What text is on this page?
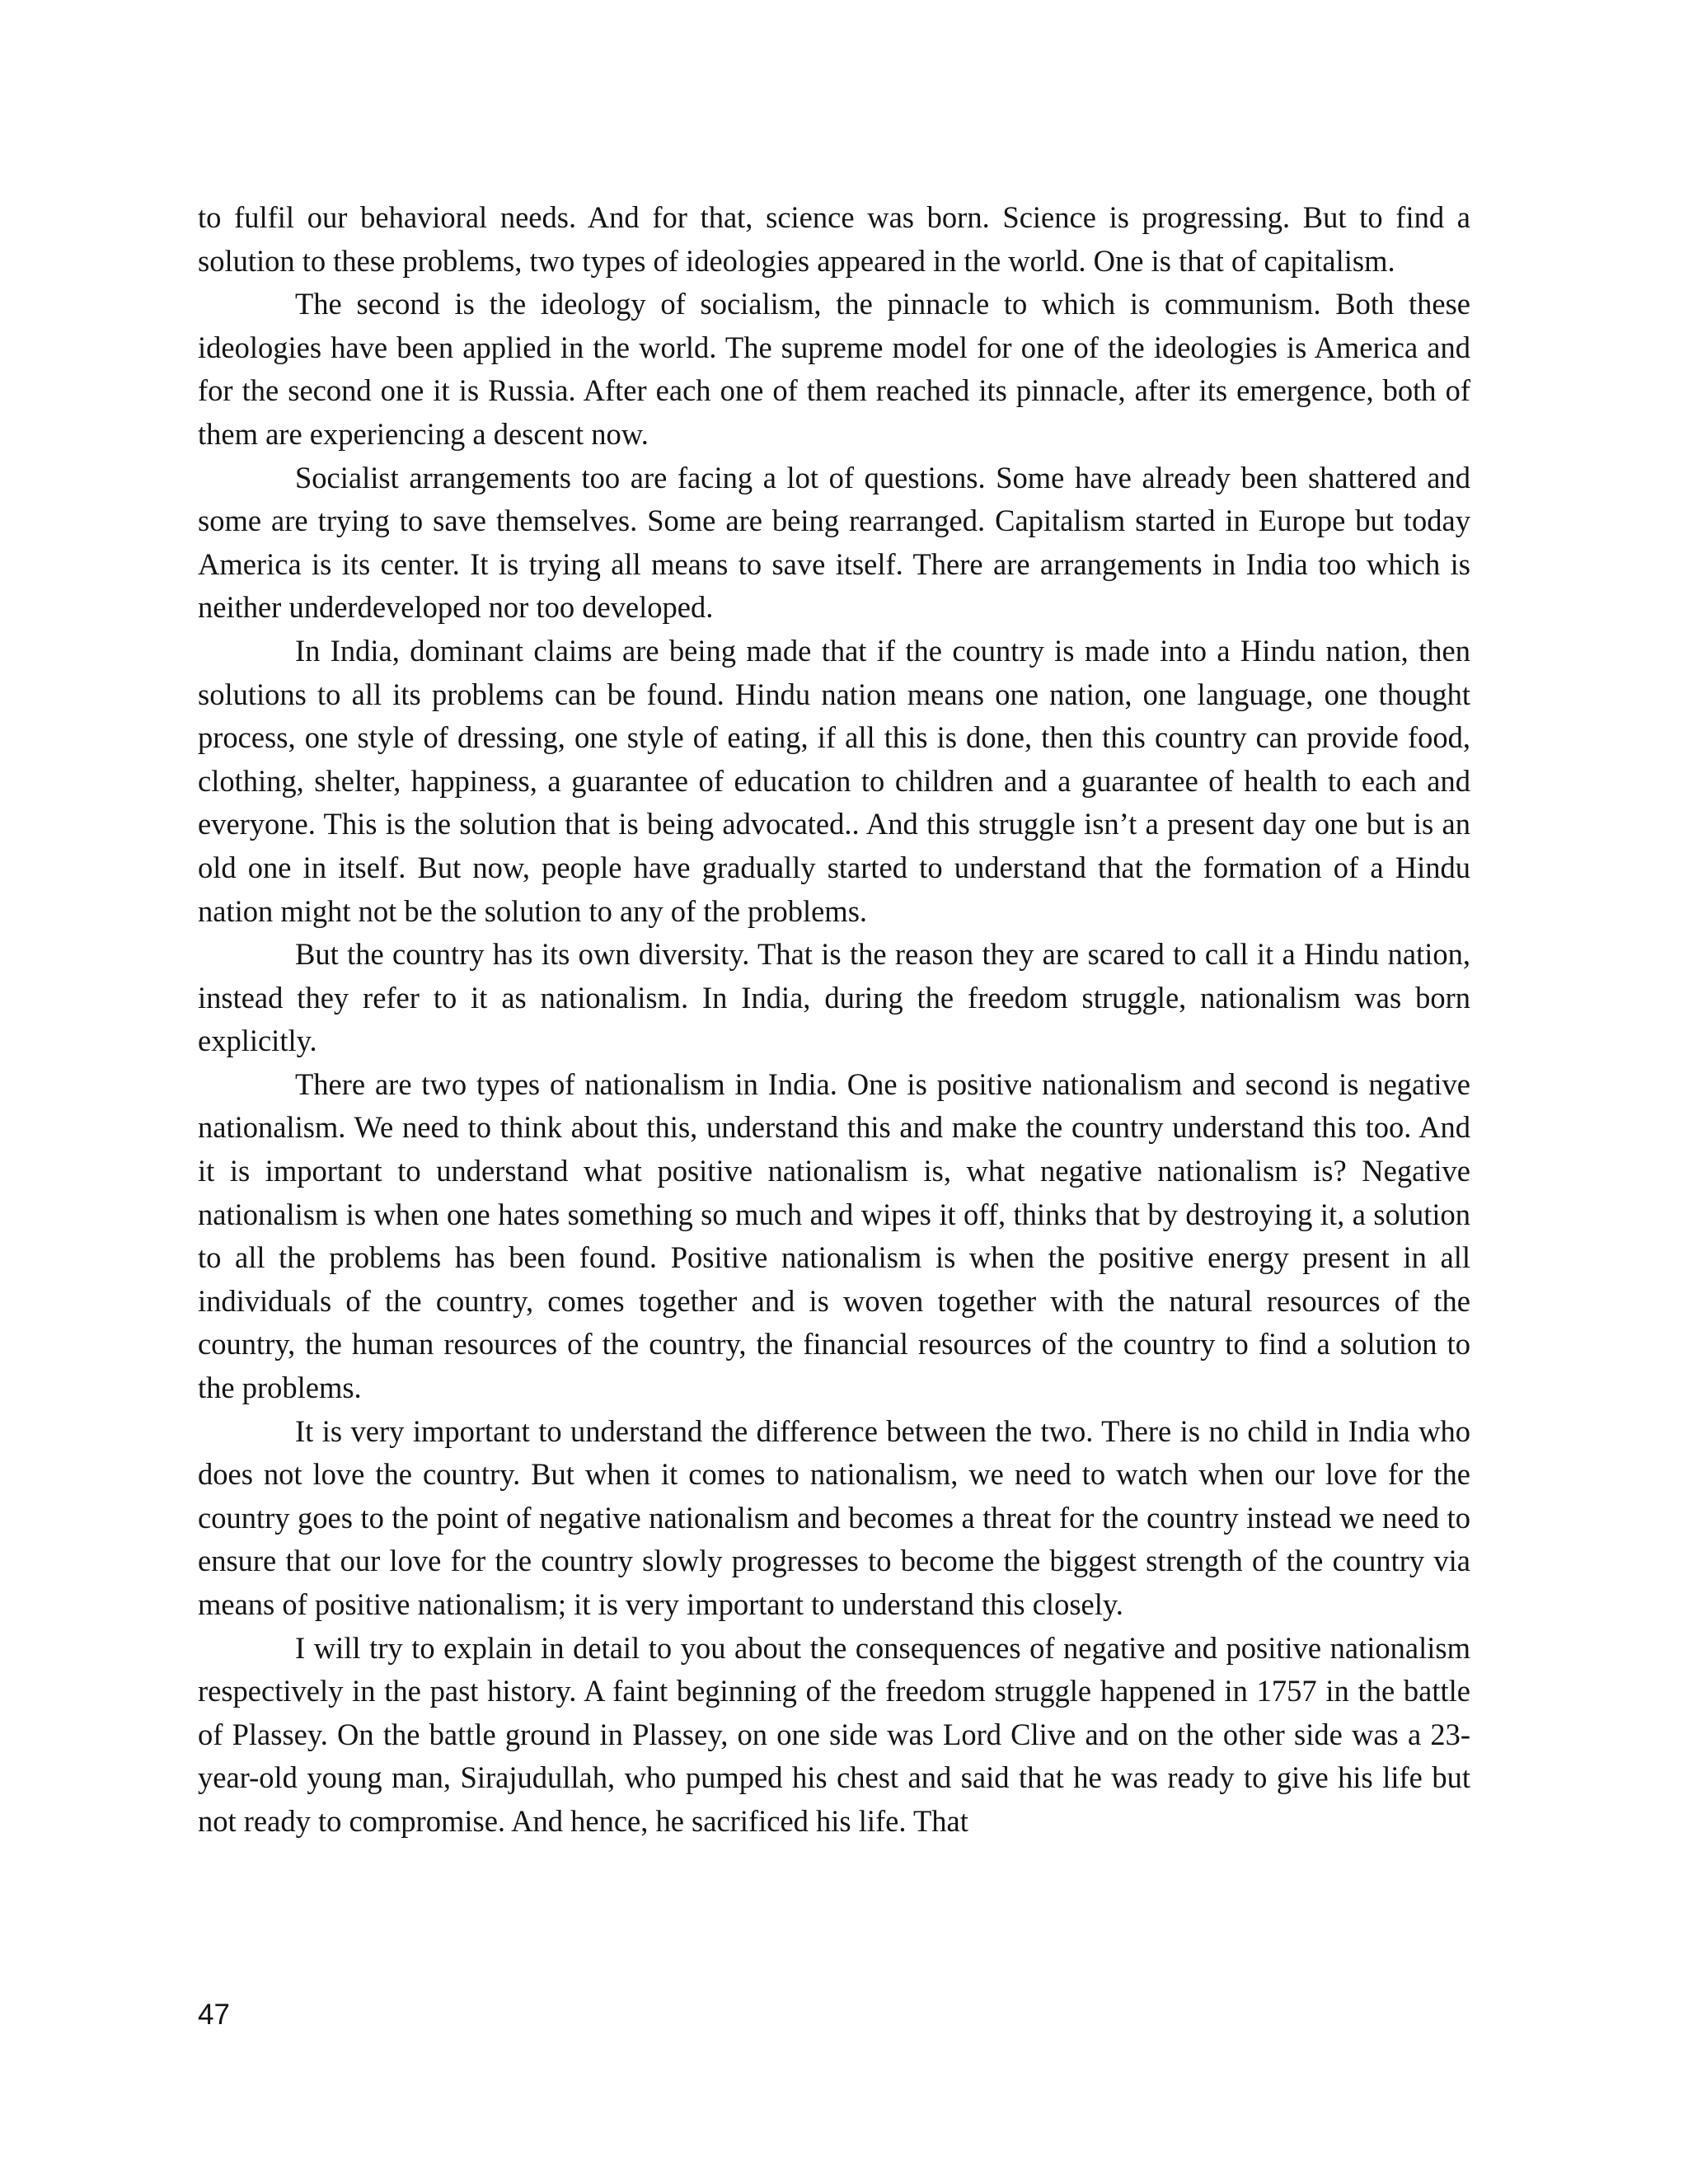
to fulfil our behavioral needs. And for that, science was born. Science is progressing. But to find a solution to these problems, two types of ideologies appeared in the world. One is that of capitalism.

The second is the ideology of socialism, the pinnacle to which is communism. Both these ideologies have been applied in the world. The supreme model for one of the ideologies is America and for the second one it is Russia. After each one of them reached its pinnacle, after its emergence, both of them are experiencing a descent now.

Socialist arrangements too are facing a lot of questions. Some have already been shattered and some are trying to save themselves. Some are being rearranged. Capitalism started in Europe but today America is its center. It is trying all means to save itself. There are arrangements in India too which is neither underdeveloped nor too developed.

In India, dominant claims are being made that if the country is made into a Hindu nation, then solutions to all its problems can be found. Hindu nation means one nation, one language, one thought process, one style of dressing, one style of eating, if all this is done, then this country can provide food, clothing, shelter, happiness, a guarantee of education to children and a guarantee of health to each and everyone. This is the solution that is being advocated.. And this struggle isn’t a present day one but is an old one in itself. But now, people have gradually started to understand that the formation of a Hindu nation might not be the solution to any of the problems.

But the country has its own diversity. That is the reason they are scared to call it a Hindu nation, instead they refer to it as nationalism. In India, during the freedom struggle, nationalism was born explicitly.

There are two types of nationalism in India. One is positive nationalism and second is negative nationalism. We need to think about this, understand this and make the country understand this too. And it is important to understand what positive nationalism is, what negative nationalism is? Negative nationalism is when one hates something so much and wipes it off, thinks that by destroying it, a solution to all the problems has been found. Positive nationalism is when the positive energy present in all individuals of the country, comes together and is woven together with the natural resources of the country, the human resources of the country, the financial resources of the country to find a solution to the problems.

It is very important to understand the difference between the two. There is no child in India who does not love the country. But when it comes to nationalism, we need to watch when our love for the country goes to the point of negative nationalism and becomes a threat for the country instead we need to ensure that our love for the country slowly progresses to become the biggest strength of the country via means of positive nationalism; it is very important to understand this closely.

I will try to explain in detail to you about the consequences of negative and positive nationalism respectively in the past history. A faint beginning of the freedom struggle happened in 1757 in the battle of Plassey. On the battle ground in Plassey, on one side was Lord Clive and on the other side was a 23-year-old young man, Sirajudullah, who pumped his chest and said that he was ready to give his life but not ready to compromise. And hence, he sacrificed his life. That

47
